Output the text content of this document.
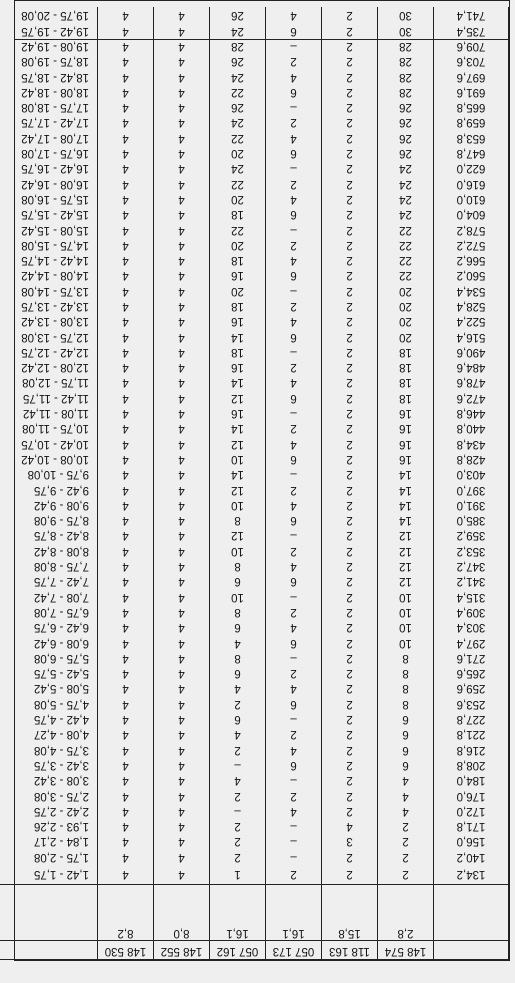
	148 574	118 163	057 173	057 162	148 552	148 530	
	2,8	15,8	16,1	16,1	8,0	8,2	

134,2	2	2	2	1	4	4	1,42 - 1,75
140,2	2	2	–	2	4	4	1,75 - 2,08
156,0	2	3	–	2	4	4	1,84 - 2,17
171,8	2	4	–	2	4	4	1,93 - 2,26
172,0	4	2	4	–	4	4	2,42 - 2,75
176,0	4	2	2	2	4	4	2,75 - 3,08
184,0	4	2	–	4	4	4	3,08 - 3,42
208,8	6	2	6	–	4	4	3,42 - 3,75
216,8	6	2	4	2	4	4	3,75 - 4,08
221,8	6	2	2	4	4	4	4,08 - 4,27
227,8	6	2	–	6	4	4	4,42 - 4,75
253,6	8	2	6	2	4	4	4,75 - 5,08
259,6	8	2	4	4	4	4	5,08 - 5,42
265,6	8	2	2	6	4	4	5,42 - 5,75
271,6	8	2	–	8	4	4	5,75 - 6,08
297,4	10	2	6	4	4	4	6,08 - 6,42
303,4	10	2	4	6	4	4	6,42 - 6,75
309,4	10	2	2	8	4	4	6,75 - 7,08
315,4	10	2	–	10	4	4	7,08 - 7,42
341,2	12	2	6	6	4	4	7,42 - 7,75
347,2	12	2	4	8	4	4	7,75 - 8,08
353,2	12	2	2	10	4	4	8,08 - 8,42
359,2	12	2	–	12	4	4	8,42 - 8,75
385,0	14	2	6	8	4	4	8,75 - 9,08
391,0	14	2	4	10	4	4	9,08 - 9,42
397,0	14	2	2	12	4	4	9,42 - 9,75
403,0	14	2	–	14	4	4	9,75 - 10,08
428,8	16	2	6	10	4	4	10,08 - 10,42
434,8	16	2	4	12	4	4	10,42 - 10,75
440,8	16	2	2	14	4	4	10,75 - 11,08
446,8	16	2	–	16	4	4	11,08 - 11,42
472,6	18	2	6	12	4	4	11,42 - 11,75
478,6	18	2	4	14	4	4	11,75 - 12,08
484,6	18	2	2	16	4	4	12,08 - 12,42
490,6	18	2	–	18	4	4	12,42 - 12,75
516,4	20	2	6	14	4	4	12,75 - 13,08
522,4	20	2	4	16	4	4	13,08 - 13,42
528,4	20	2	2	18	4	4	13,42 - 13,75
534,4	20	2	–	20	4	4	13,75 - 14,08
560,2	22	2	6	16	4	4	14,08 - 14,42
566,2	22	2	4	18	4	4	14,42 - 14,75
572,2	22	2	2	20	4	4	14,75 - 15,08
578,2	22	2	–	22	4	4	15,08 - 15,42
604,0	24	2	6	18	4	4	15,42 - 15,75
610,0	24	2	4	20	4	4	15,75 - 16,08
616,0	24	2	2	22	4	4	16,08 - 16,42
622,0	24	2	–	24	4	4	16,42 - 16,75
647,8	26	2	6	20	4	4	16,75 - 17,08
653,8	26	2	4	22	4	4	17,08 - 17,42
659,8	26	2	2	24	4	4	17,42 - 17,75
665,8	26	2	–	26	4	4	17,75 - 18,08
691,6	28	2	6	22	4	4	18,08 - 18,42
697,6	28	2	4	24	4	4	18,42 - 18,75
703,6	28	2	2	26	4	4	18,75 - 19,08
709,6	28	2	–	28	4	4	19,08 - 19,42
735,4	30	2	6	24	4	4	19,42 - 19,75
741,4	30	2	4	26	4	4	19,75 - 20,08
